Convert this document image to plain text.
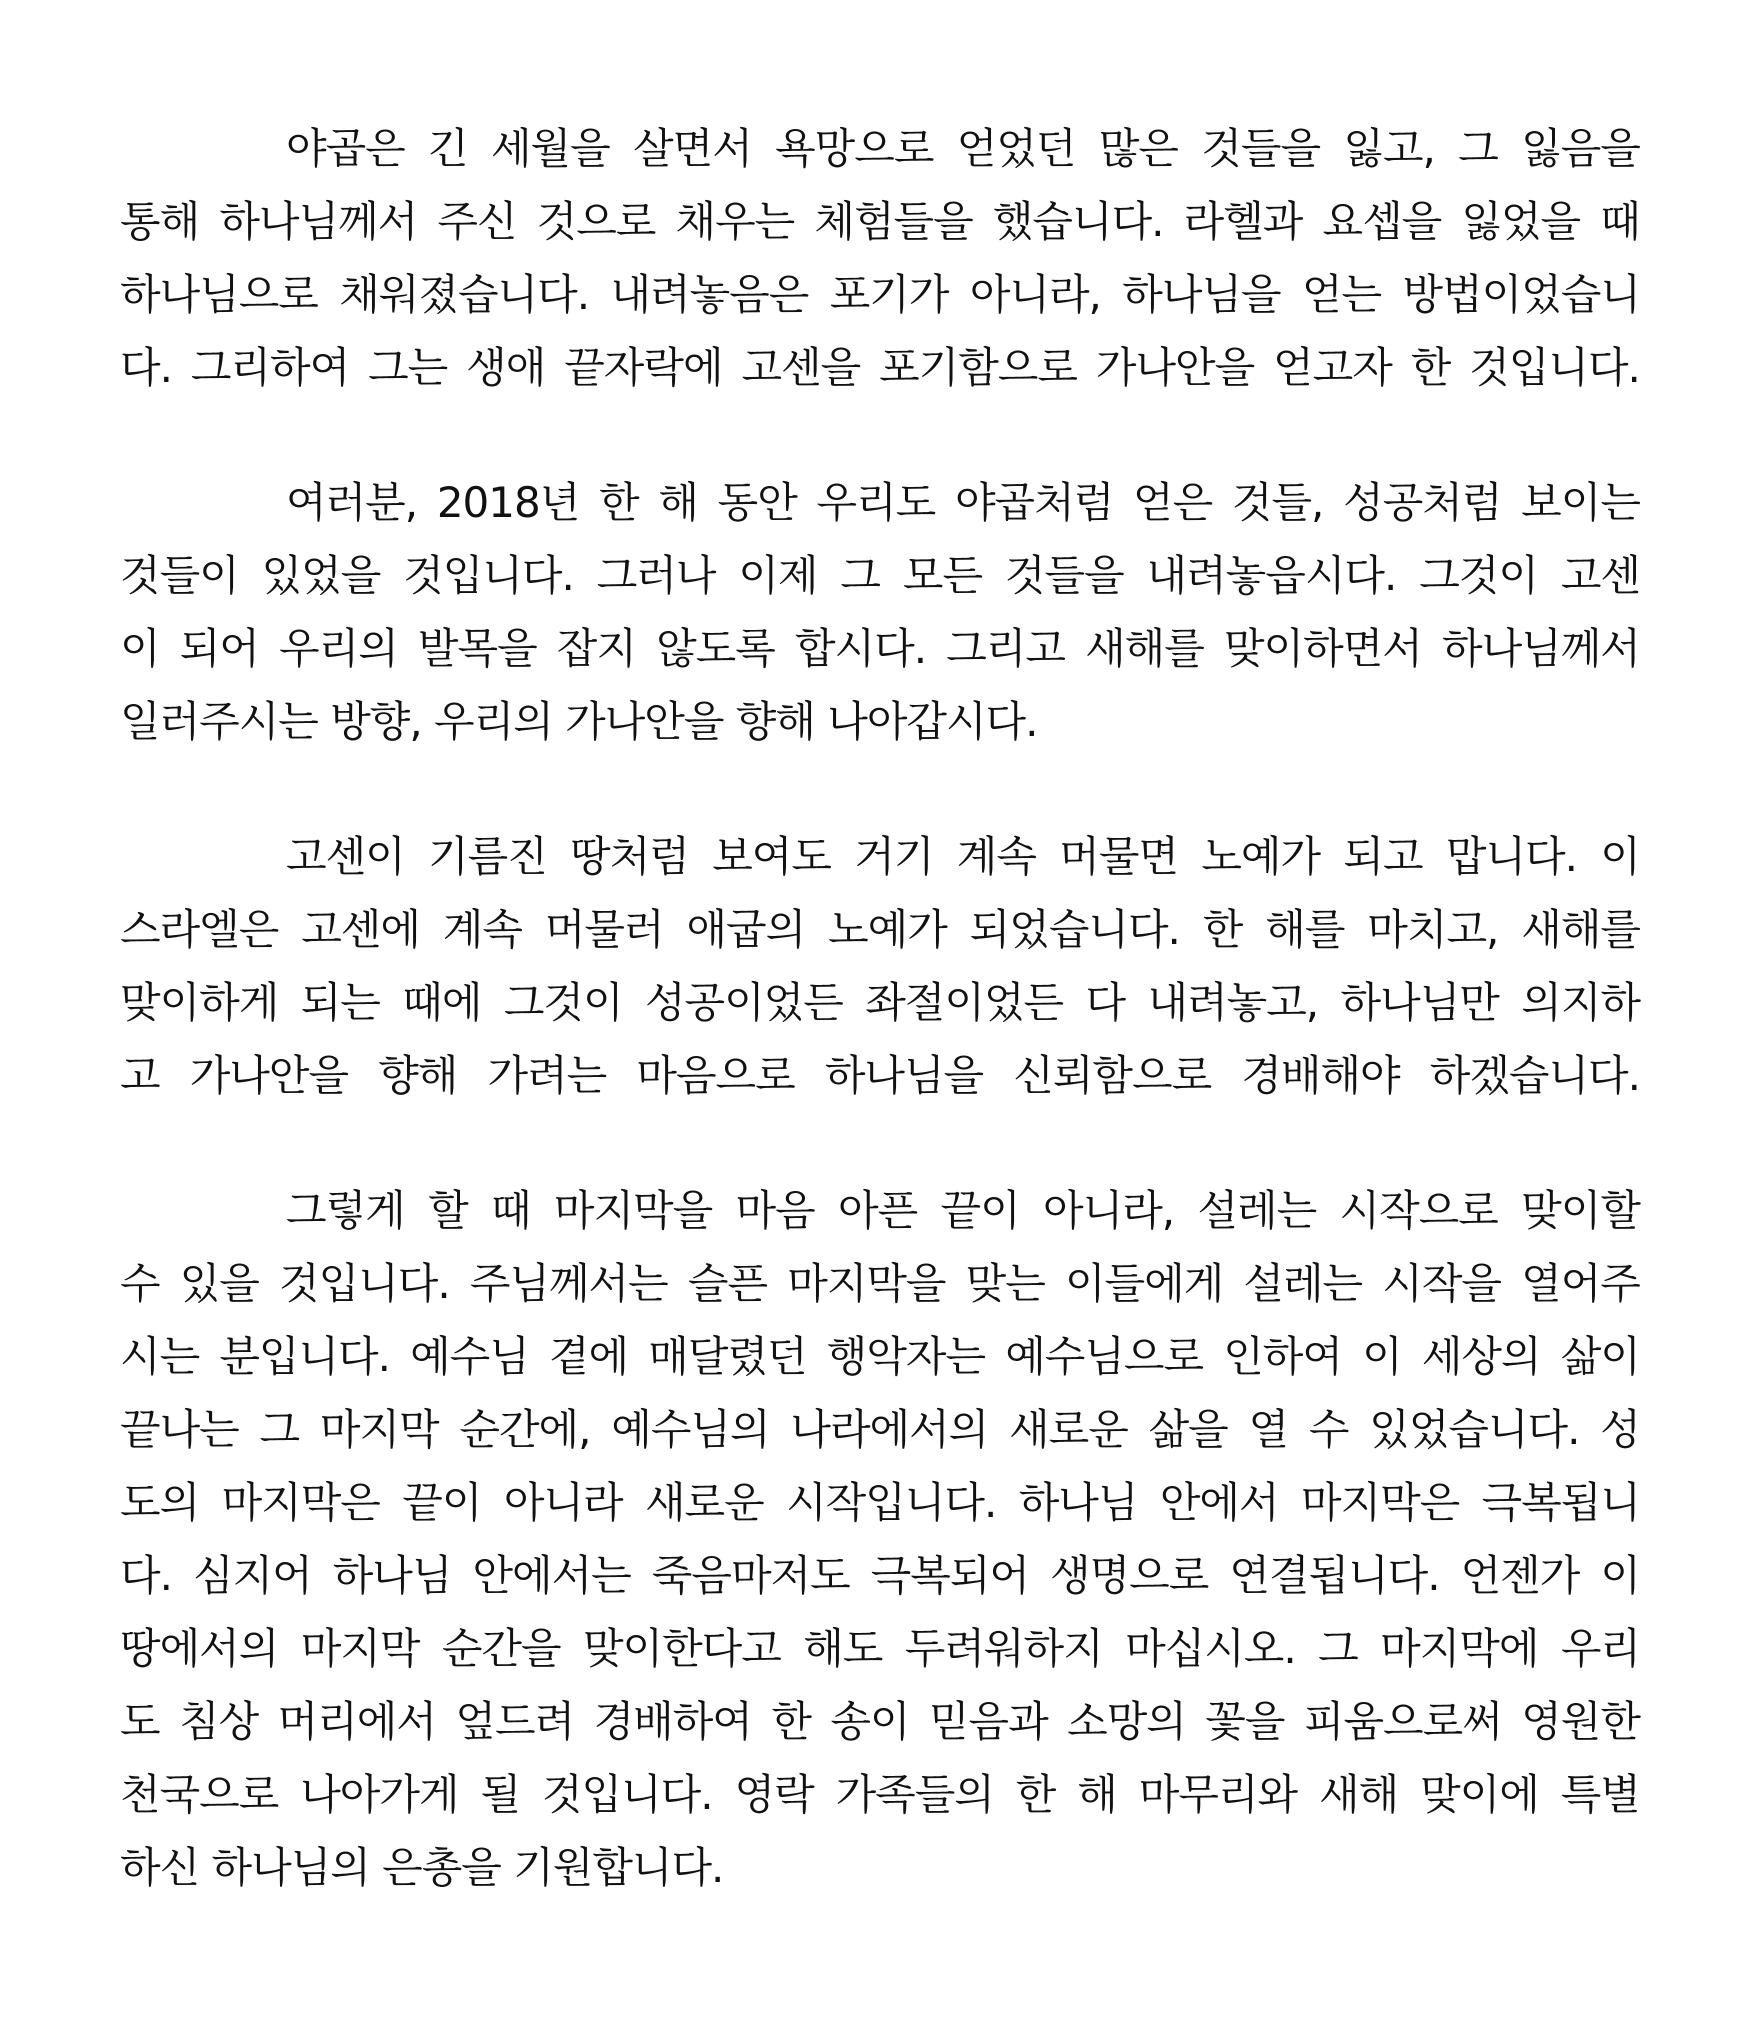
야곱은 긴 세월을 살면서 욕망으로 얻었던 많은 것들을 잃고, 그 잃음을
통해 하나님께서 주신 것으로 채우는 체험들을 했습니다. 라헬과 요셉을 잃었을 때
하나님으로 채워졌습니다. 내려놓음은 포기가 아니라, 하나님을 얻는 방법이었습니
다. 그리하여 그는 생애 끝자락에 고센을 포기함으로 가나안을 얻고자 한 것입니다.
여러분, 2018년 한 해 동안 우리도 야곱처럼 얻은 것들, 성공처럼 보이는
것들이 있었을 것입니다. 그러나 이제 그 모든 것들을 내려놓읍시다. 그것이 고센
이 되어 우리의 발목을 잡지 않도록 합시다. 그리고 새해를 맞이하면서 하나님께서
일러주시는 방향, 우리의 가나안을 향해 나아갑시다.
고센이 기름진 땅처럼 보여도 거기 계속 머물면 노예가 되고 맙니다. 이
스라엘은 고센에 계속 머물러 애굽의 노예가 되었습니다. 한 해를 마치고, 새해를
맞이하게 되는 때에 그것이 성공이었든 좌절이었든 다 내려놓고, 하나님만 의지하
고 가나안을 향해 가려는 마음으로 하나님을 신뢰함으로 경배해야 하겠습니다.
그렇게 할 때 마지막을 마음 아픈 끝이 아니라, 설레는 시작으로 맞이할
수 있을 것입니다. 주님께서는 슬픈 마지막을 맞는 이들에게 설레는 시작을 열어주
시는 분입니다. 예수님 곁에 매달렸던 행악자는 예수님으로 인하여 이 세상의 삶이
끝나는 그 마지막 순간에, 예수님의 나라에서의 새로운 삶을 열 수 있었습니다. 성
도의 마지막은 끝이 아니라 새로운 시작입니다. 하나님 안에서 마지막은 극복됩니
다. 심지어 하나님 안에서는 죽음마저도 극복되어 생명으로 연결됩니다. 언젠가 이
땅에서의 마지막 순간을 맞이한다고 해도 두려워하지 마십시오. 그 마지막에 우리
도 침상 머리에서 엎드려 경배하여 한 송이 믿음과 소망의 꽃을 피움으로써 영원한
천국으로 나아가게 될 것입니다. 영락 가족들의 한 해 마무리와 새해 맞이에 특별
하신 하나님의 은총을 기원합니다.
